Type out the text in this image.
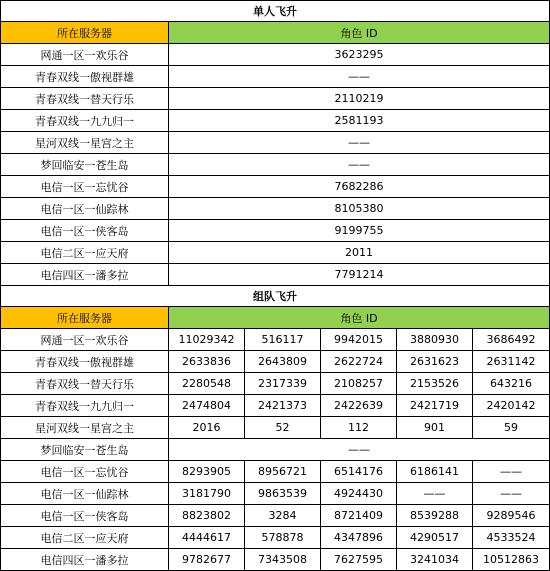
单人飞升					
所在服务器	角色 ID				
网通一区一欢乐谷	3623295				
青春双线一傲视群雄	——				
青春双线一替天行乐	2110219				
青春双线一九九归一	2581193				
星河双线一星宫之主	——				
梦回临安一苍生岛	——				
电信一区一忘忧谷	7682286				
电信一区一仙踪林	8105380				
电信一区一侠客岛	9199755				
电信二区一应天府	2011				
电信四区一潘多拉	7791214				
组队飞升					
所在服务器	角色 ID				
网通一区一欢乐谷	11029342	516117	9942015	3880930	3686492
青春双线一傲视群雄	2633836	2643809	2622724	2631623	2631142
青春双线一替天行乐	2280548	2317339	2108257	2153526	643216
青春双线一九九归一	2474804	2421373	2422639	2421719	2420142
星河双线一星宫之主	2016	52	112	901	59
梦回临安一苍生岛	——				
电信一区一忘忧谷	8293905	8956721	6514176	6186141	——
电信一区一仙踪林	3181790	9863539	4924430	——	——
电信一区一侠客岛	8823802	3284	8721409	8539288	9289546
电信二区一应天府	4444617	578878	4347896	4290517	4533524
电信四区一潘多拉	9782677	7343508	7627595	3241034	10512863
